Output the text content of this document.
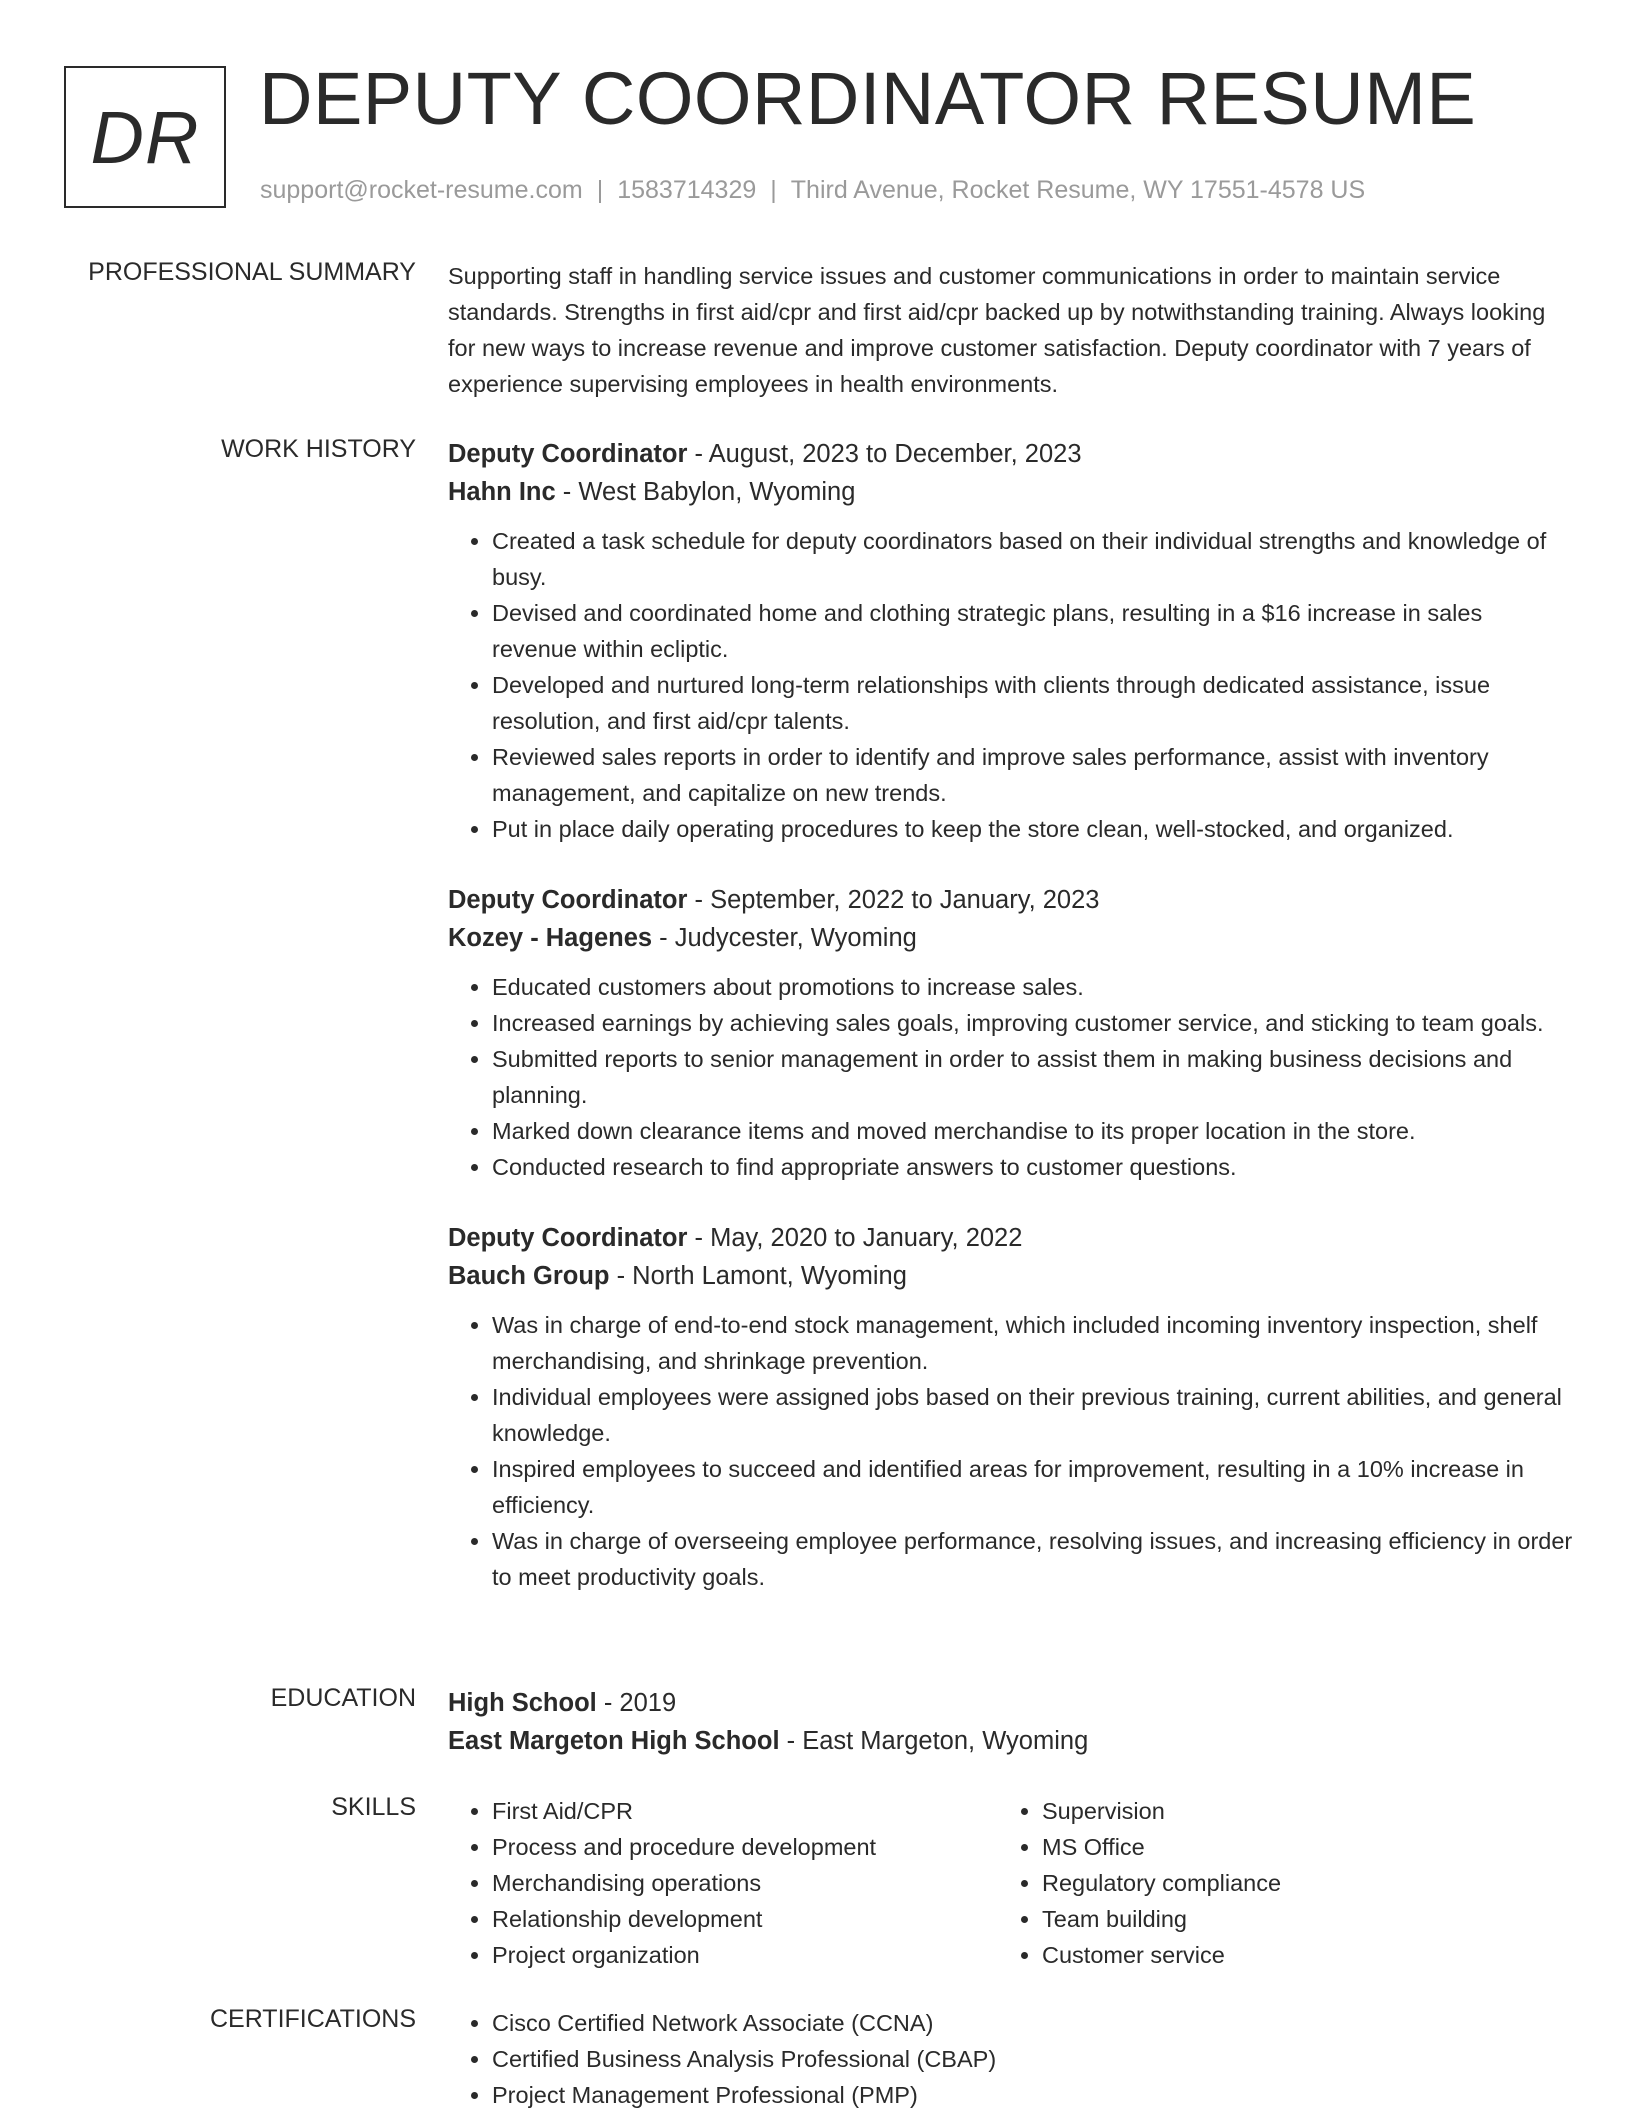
DR DEPUTY COORDINATOR RESUME
support@rocket-resume.com | 1583714329 | Third Avenue, Rocket Resume, WY 17551-4578 US
PROFESSIONAL SUMMARY Supporting staff in handling service issues and customer communications in order to maintain service standards. Strengths in first aid/cpr and first aid/cpr backed up by notwithstanding training. Always looking for new ways to increase revenue and improve customer satisfaction. Deputy coordinator with 7 years of experience supervising employees in health environments.
WORK HISTORY Deputy Coordinator - August, 2023 to December, 2023
Hahn Inc - West Babylon, Wyoming
• Created a task schedule for deputy coordinators based on their individual strengths and knowledge of busy.
• Devised and coordinated home and clothing strategic plans, resulting in a $16 increase in sales revenue within ecliptic.
• Developed and nurtured long-term relationships with clients through dedicated assistance, issue resolution, and first aid/cpr talents.
• Reviewed sales reports in order to identify and improve sales performance, assist with inventory management, and capitalize on new trends.
• Put in place daily operating procedures to keep the store clean, well-stocked, and organized.
Deputy Coordinator - September, 2022 to January, 2023
Kozey - Hagenes - Judycester, Wyoming
• Educated customers about promotions to increase sales.
• Increased earnings by achieving sales goals, improving customer service, and sticking to team goals.
• Submitted reports to senior management in order to assist them in making business decisions and planning.
• Marked down clearance items and moved merchandise to its proper location in the store.
• Conducted research to find appropriate answers to customer questions.
Deputy Coordinator - May, 2020 to January, 2022
Bauch Group - North Lamont, Wyoming
• Was in charge of end-to-end stock management, which included incoming inventory inspection, shelf merchandising, and shrinkage prevention.
• Individual employees were assigned jobs based on their previous training, current abilities, and general knowledge.
• Inspired employees to succeed and identified areas for improvement, resulting in a 10% increase in efficiency.
• Was in charge of overseeing employee performance, resolving issues, and increasing efficiency in order to meet productivity goals.
EDUCATION High School - 2019
East Margeton High School - East Margeton, Wyoming
SKILLS	• First Aid/CPR
• Process and procedure development
• Merchandising operations
• Relationship development
• Project organization
• Supervision
• MS Office
• Regulatory compliance
• Team building
• Customer service
CERTIFICATIONS	• Cisco Certified Network Associate (CCNA)
• Certified Business Analysis Professional (CBAP)
• Project Management Professional (PMP)
